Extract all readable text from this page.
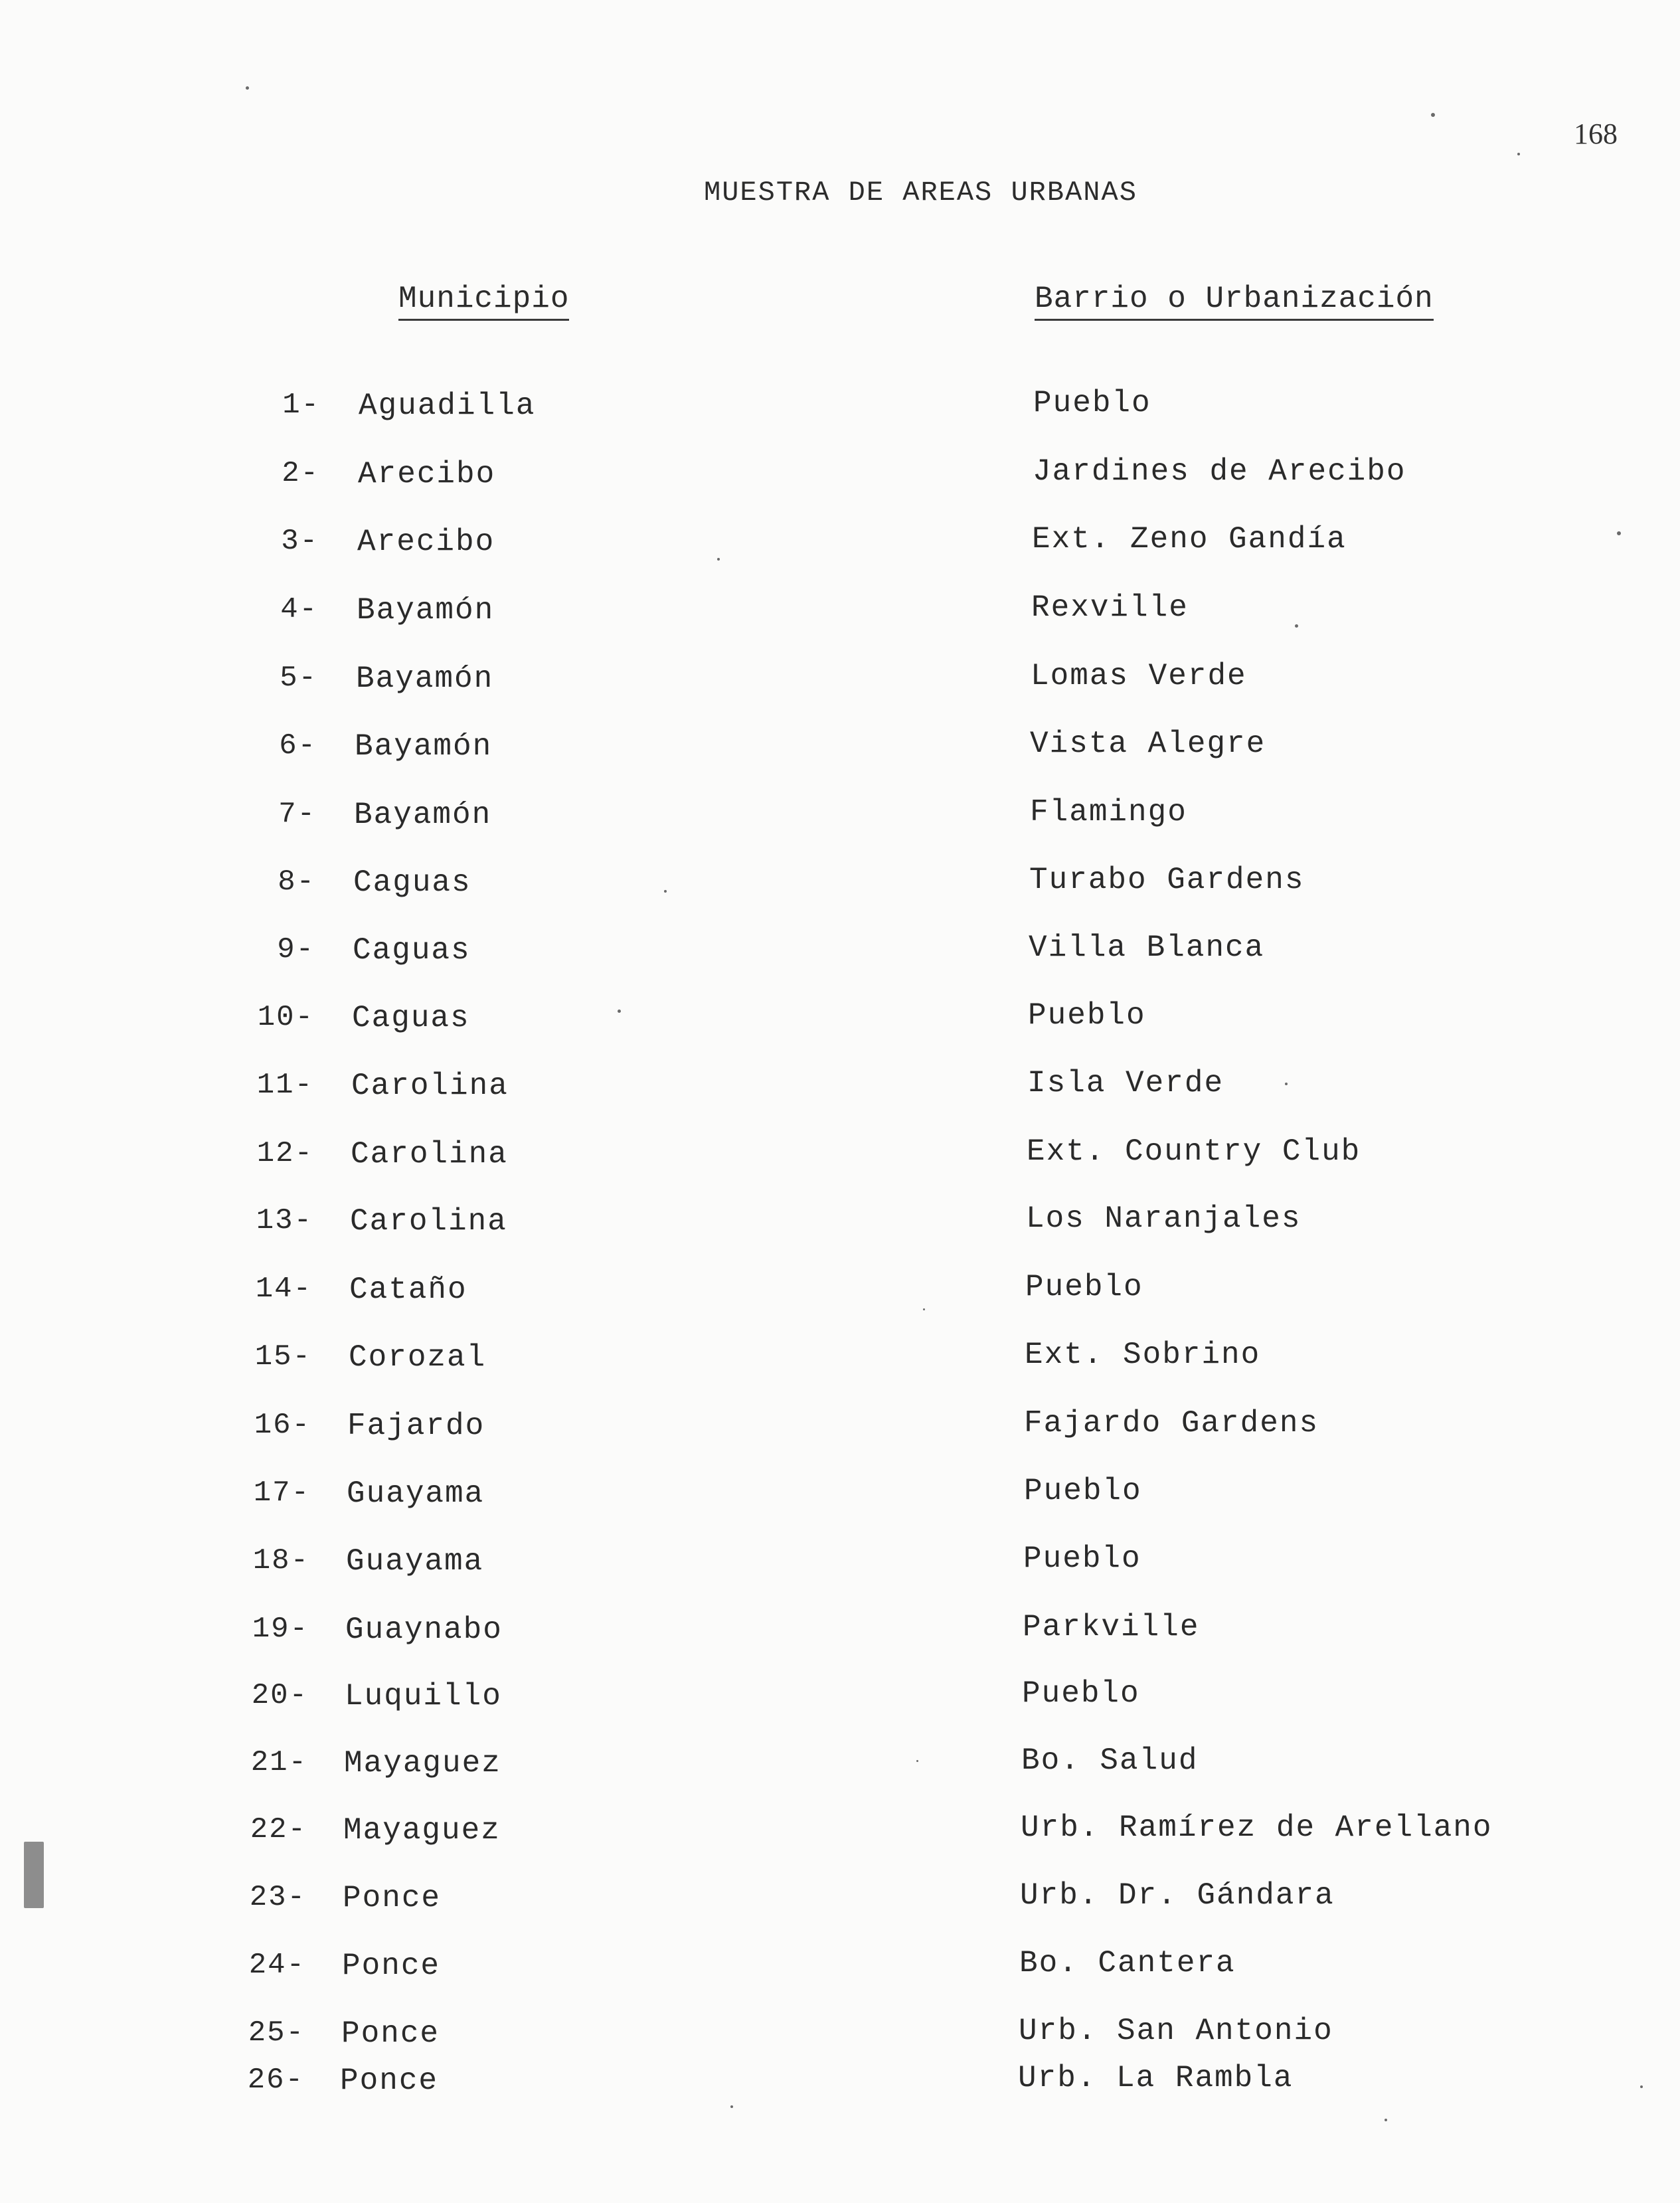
168
MUESTRA DE AREAS URBANAS
Municipio	Barrio o Urbanización
1- Aguadilla	Pueblo
2- Arecibo	Jardines de Arecibo
3- Arecibo	Ext. Zeno Gandía
4- Bayamón	Rexville
5- Bayamón	Lomas Verde
6- Bayamón	Vista Alegre
7- Bayamón	Flamingo
8- Caguas	Turabo Gardens
9- Caguas	Villa Blanca
10- Caguas	Pueblo
11- Carolina	Isla Verde
12- Carolina	Ext. Country Club
13- Carolina	Los Naranjales
14- Cataño	Pueblo
15- Corozal	Ext. Sobrino
16- Fajardo	Fajardo Gardens
17- Guayama	Pueblo
18- Guayama	Pueblo
19- Guaynabo	Parkville
20- Luquillo	Pueblo
21- Mayaguez	Bo. Salud
22- Mayaguez	Urb. Ramírez de Arellano
23- Ponce	Urb. Dr. Gándara
24- Ponce	Bo. Cantera
25- Ponce	Urb. San Antonio
26- Ponce	Urb. La Rambla
